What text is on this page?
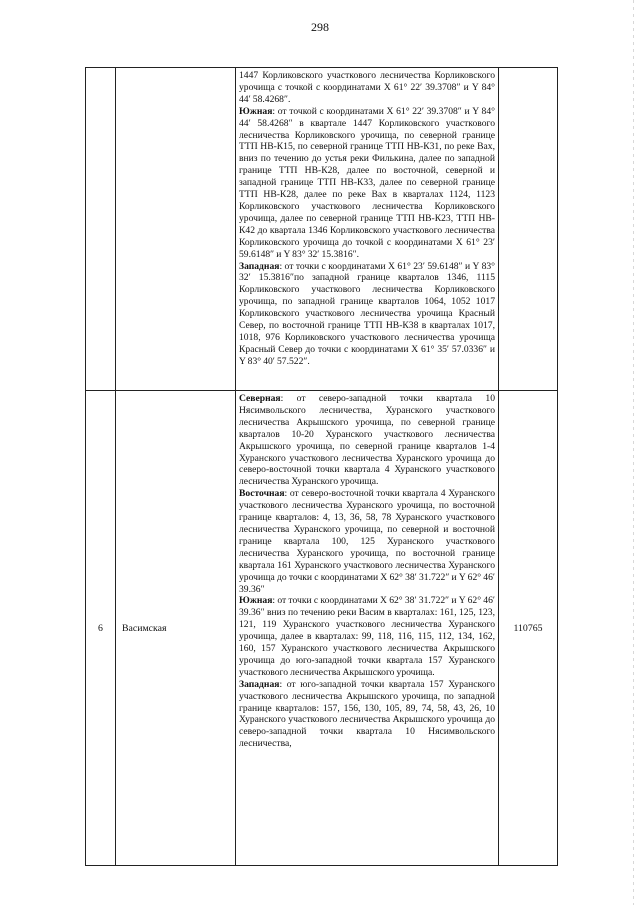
298

		1447 Корликовского участкового лесничества Корликовского урочища с точкой с координатами X 61° 22′ 39.3708″ и Y 84° 44′ 58.4268″.

Южная: от точкой с координатами X 61° 22′ 39.3708″ и Y 84° 44′ 58.4268″ в квартале 1447 Корликовского участкового лесничества Корликовского урочища, по северной границе ТТП НВ-К15, по северной границе ТТП НВ-К31, по реке Вах, вниз по течению до устья реки Филькина, далее по западной границе ТТП НВ-К28, далее по восточной, северной и западной границе ТТП НВ-К33, далее по северной границе ТТП НВ-К28, далее по реке Вах в кварталах 1124, 1123 Корликовского участкового лесничества Корликовского урочища, далее по северной границе ТТП НВ-К23, ТТП НВ-К42 до квартала 1346 Корликовского участкового лесничества Корликовского урочища до точкой с координатами X 61° 23′ 59.6148″ и Y 83° 32′ 15.3816″.

Западная: от точки с координатами X 61° 23′ 59.6148″ и Y 83° 32′ 15.3816″по западной границе кварталов 1346, 1115 Корликовского участкового лесничества Корликовского урочища, по западной границе кварталов 1064, 1052 1017 Корликовского участкового лесничества урочища Красный Север, по восточной границе ТТП НВ-К38 в кварталах 1017, 1018, 976 Корликовского участкового лесничества урочища Красный Север до точки с координатами X 61° 35′ 57.0336″ и Y 83° 40′ 57.522″.	

6	Васимская	Северная: от северо-западной точки квартала 10 Нясимвольского лесничества, Хуранского участкового лесничества Акрышского урочища, по северной границе кварталов 10-20 Хуранского участкового лесничества Акрышского урочища, по северной границе кварталов 1-4 Хуранского участкового лесничества Хуранского урочища до северо-восточной точки квартала 4 Хуранского участкового лесничества Хуранского урочища.

Восточная: от северо-восточной точки квартала 4 Хуранского участкового лесничества Хуранского урочища, по восточной границе кварталов: 4, 13, 36, 58, 78 Хуранского участкового лесничества Хуранского урочища, по северной и восточной границе квартала 100, 125 Хуранского участкового лесничества Хуранского урочища, по восточной границе квартала 161 Хуранского участкового лесничества Хуранского урочища до точки с координатами X 62° 38′ 31.722″ и Y 62° 46′ 39.36″

Южная: от точки с координатами X 62° 38′ 31.722″ и Y 62° 46′ 39.36″ вниз по течению реки Васим в кварталах: 161, 125, 123, 121, 119 Хуранского участкового лесничества Хуранского урочища, далее в кварталах: 99, 118, 116, 115, 112, 134, 162, 160, 157 Хуранского участкового лесничества Акрышского урочища до юго-западной точки квартала 157 Хуранского участкового лесничества Акрышского урочища.

Западная: от юго-западной точки квартала 157 Хуранского участкового лесничества Акрышского урочища, по западной границе кварталов: 157, 156, 130, 105, 89, 74, 58, 43, 26, 10 Хуранского участкового лесничества Акрышского урочища до северо-западной точки квартала 10 Нясимвольского лесничества,	110765
